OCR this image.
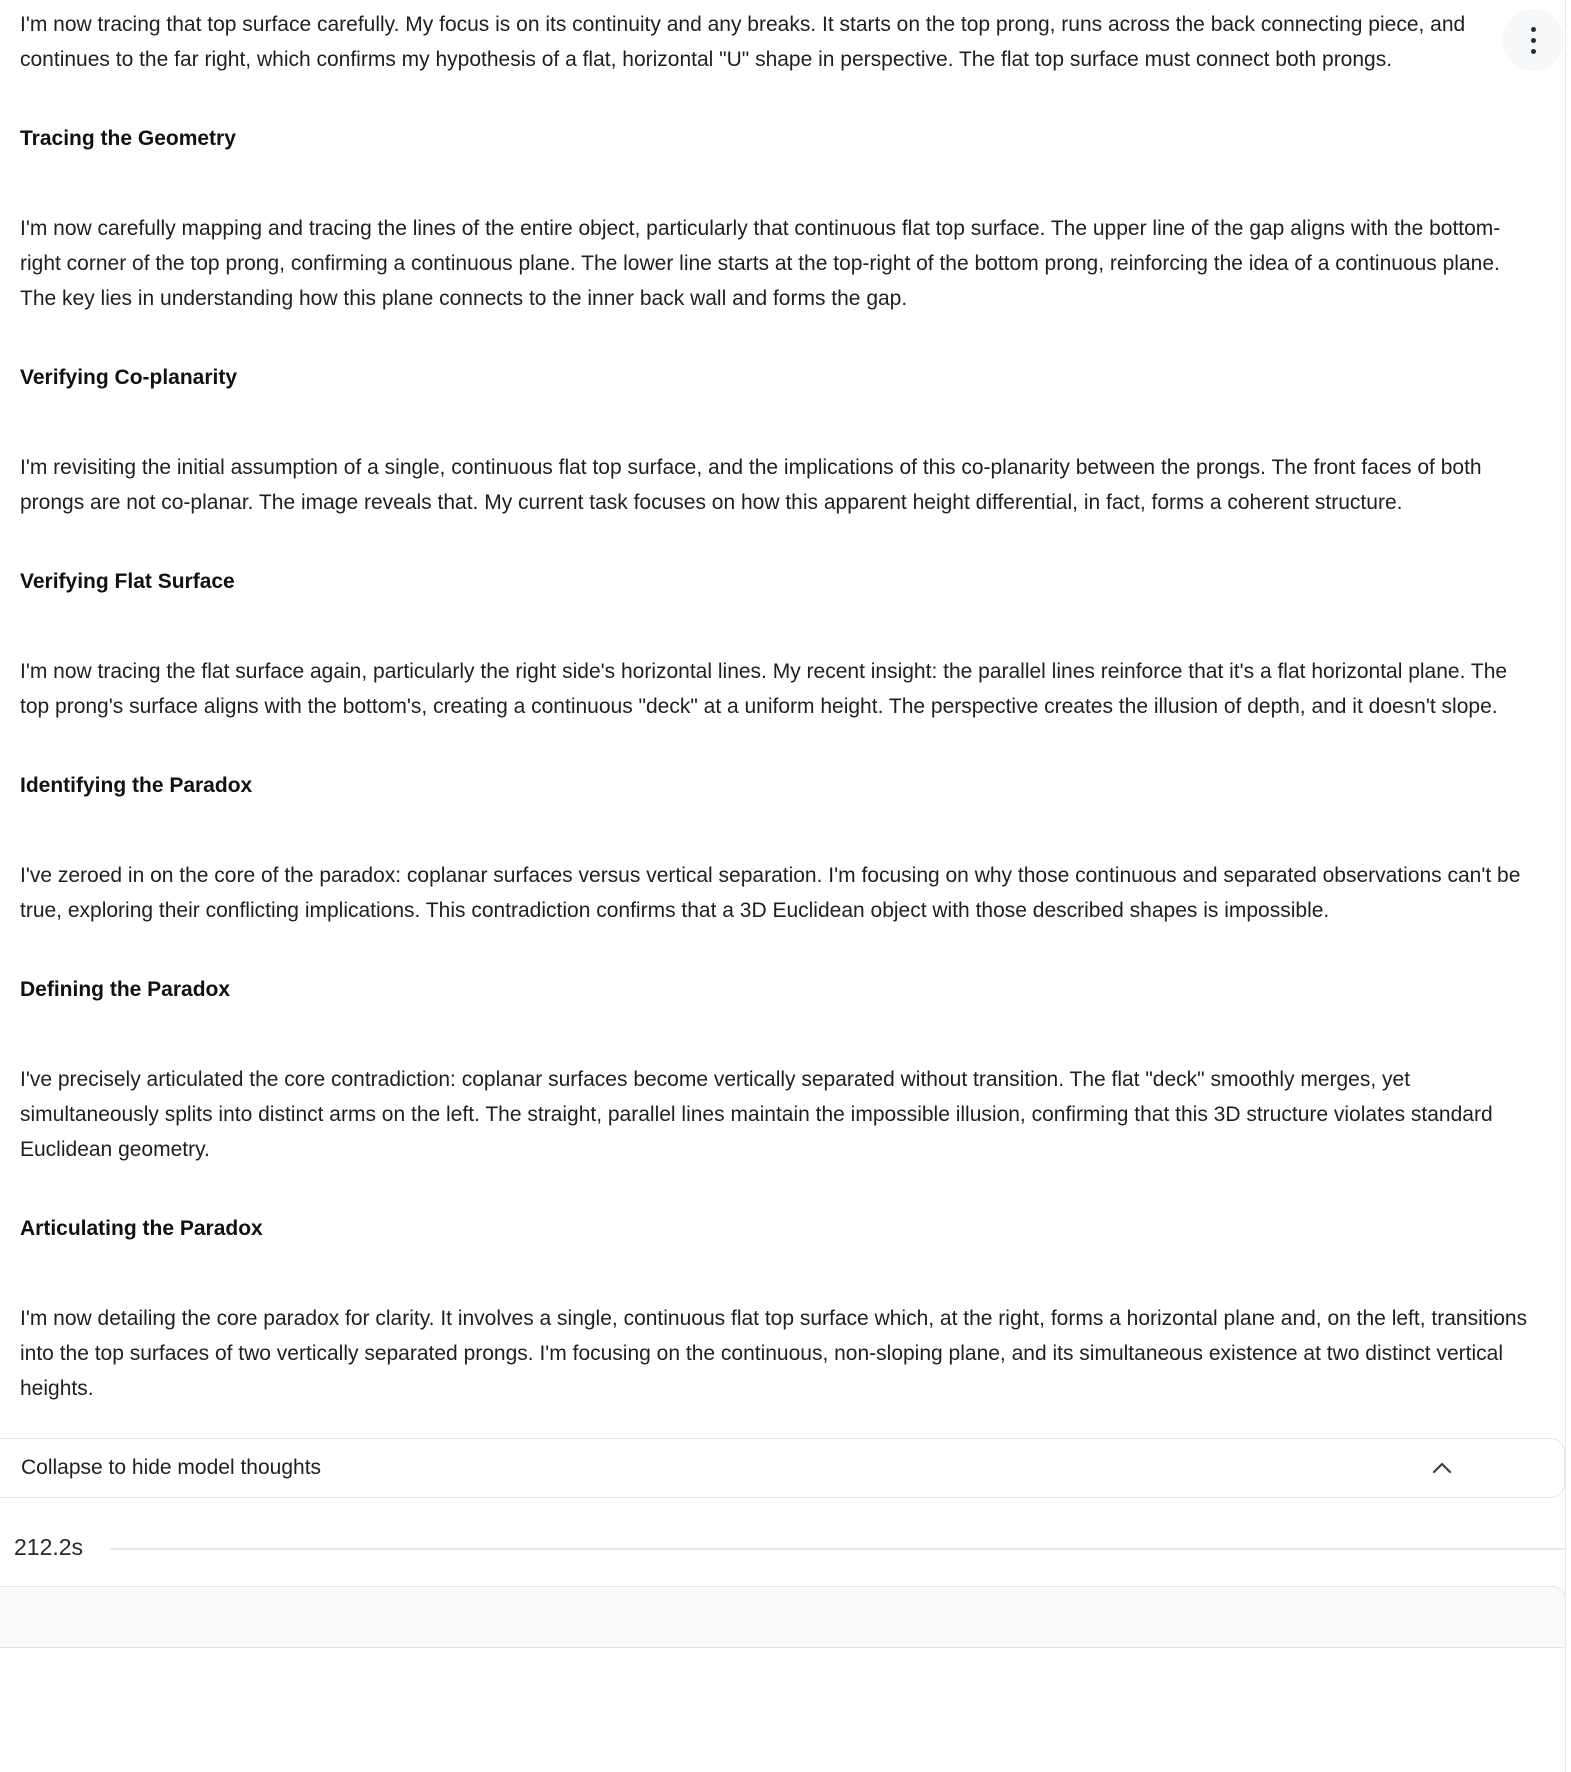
I'm now tracing that top surface carefully. My focus is on its continuity and any breaks. It starts on the top prong, runs across the back connecting piece, and continues to the far right, which confirms my hypothesis of a flat, horizontal "U" shape in perspective. The flat top surface must connect both prongs.

Tracing the Geometry

I'm now carefully mapping and tracing the lines of the entire object, particularly that continuous flat top surface. The upper line of the gap aligns with the bottom-right corner of the top prong, confirming a continuous plane. The lower line starts at the top-right of the bottom prong, reinforcing the idea of a continuous plane. The key lies in understanding how this plane connects to the inner back wall and forms the gap.

Verifying Co-planarity

I'm revisiting the initial assumption of a single, continuous flat top surface, and the implications of this co-planarity between the prongs. The front faces of both prongs are not co-planar. The image reveals that. My current task focuses on how this apparent height differential, in fact, forms a coherent structure.

Verifying Flat Surface

I'm now tracing the flat surface again, particularly the right side's horizontal lines. My recent insight: the parallel lines reinforce that it's a flat horizontal plane. The top prong's surface aligns with the bottom's, creating a continuous "deck" at a uniform height. The perspective creates the illusion of depth, and it doesn't slope.

Identifying the Paradox

I've zeroed in on the core of the paradox: coplanar surfaces versus vertical separation. I'm focusing on why those continuous and separated observations can't be true, exploring their conflicting implications. This contradiction confirms that a 3D Euclidean object with those described shapes is impossible.

Defining the Paradox

I've precisely articulated the core contradiction: coplanar surfaces become vertically separated without transition. The flat "deck" smoothly merges, yet simultaneously splits into distinct arms on the left. The straight, parallel lines maintain the impossible illusion, confirming that this 3D structure violates standard Euclidean geometry.

Articulating the Paradox

I'm now detailing the core paradox for clarity. It involves a single, continuous flat top surface which, at the right, forms a horizontal plane and, on the left, transitions into the top surfaces of two vertically separated prongs. I'm focusing on the continuous, non-sloping plane, and its simultaneous existence at two distinct vertical heights.

Collapse to hide model thoughts
212.2s
